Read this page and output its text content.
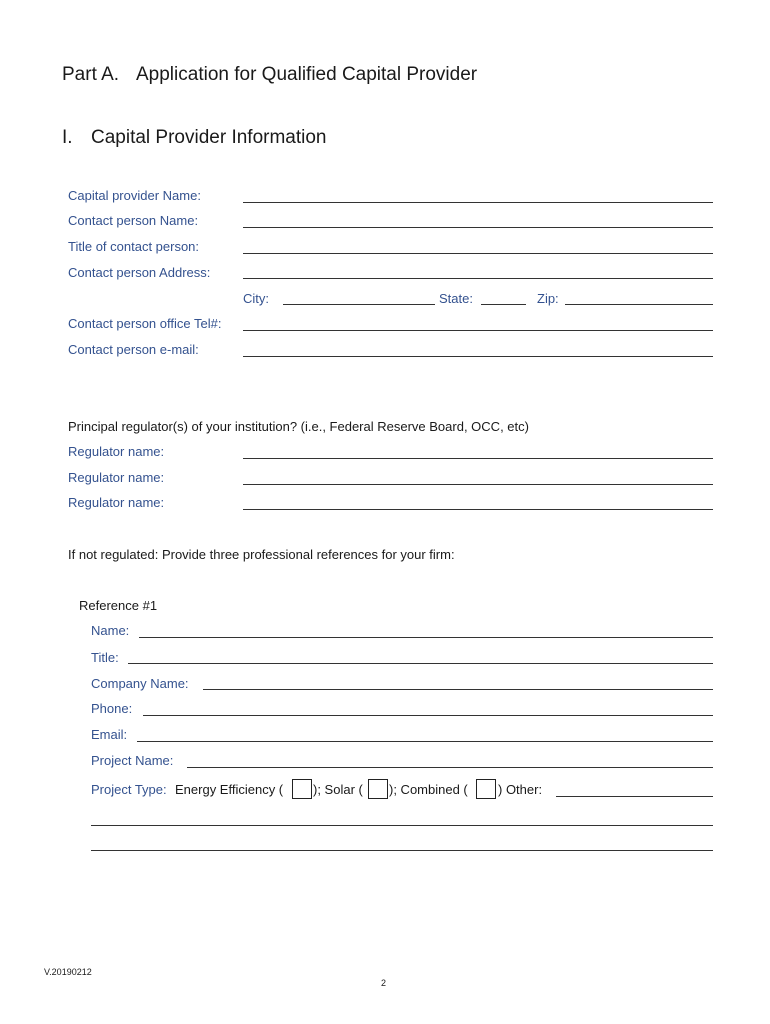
Part A. Application for Qualified Capital Provider
I. Capital Provider Information
Capital provider Name:
Contact person Name:
Title of contact person:
Contact person Address:
City:	State:	Zip:
Contact person office Tel#:
Contact person e-mail:
Principal regulator(s) of your institution? (i.e., Federal Reserve Board, OCC, etc)
Regulator name:
Regulator name:
Regulator name:
If not regulated: Provide three professional references for your firm:
Reference #1
Name:
Title:
Company Name:
Phone:
Email:
Project Name:
Project Type: Energy Efficiency ( ); Solar ( ); Combined ( ) Other:
V.20190212
2
